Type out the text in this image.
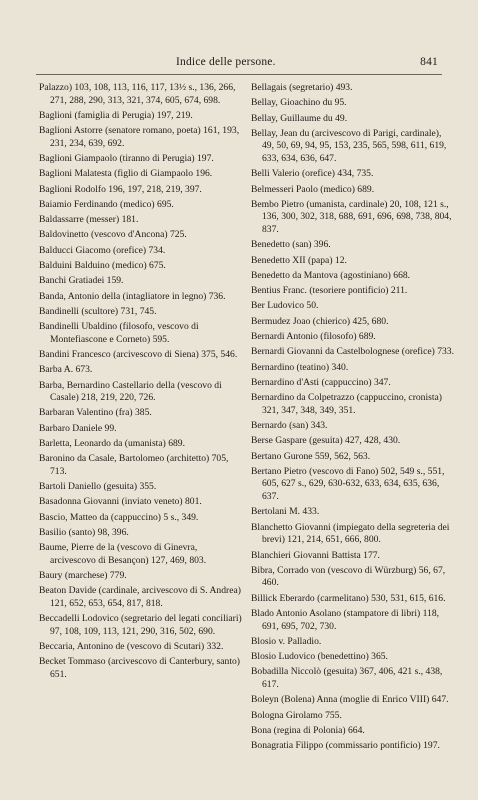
Indice delle persone.	841
Palazzo) 103, 108, 113, 116, 117, 13½ s., 136, 266, 271, 288, 290, 313, 321, 374, 605, 674, 698.
Baglioni (famiglia di Perugia) 197, 219.
Baglioni Astorre (senatore romano, poeta) 161, 193, 231, 234, 639, 692.
Baglioni Giampaolo (tiranno di Perugia) 197.
Baglioni Malatesta (figlio di Giampaolo 196.
Baglioni Rodolfo 196, 197, 218, 219, 397.
Baiamio Ferdinando (medico) 695.
Baldassarre (messer) 181.
Baldovinetto (vescovo d'Ancona) 725.
Balducci Giacomo (orefice) 734.
Balduini Balduino (medico) 675.
Banchi Gratiadei 159.
Banda, Antonio della (intagliatore in legno) 736.
Bandinelli (scultore) 731, 745.
Bandinelli Ubaldino (filosofo, vescovo di Montefiascone e Corneto) 595.
Bandini Francesco (arcivescovo di Siena) 375, 546.
Barba A. 673.
Barba, Bernardino Castellario della (vescovo di Casale) 218, 219, 220, 726.
Barbaran Valentino (fra) 385.
Barbaro Daniele 99.
Barletta, Leonardo da (umanista) 689.
Baronino da Casale, Bartolomeo (architetto) 705, 713.
Bartoli Daniello (gesuita) 355.
Basadonna Giovanni (inviato veneto) 801.
Bascio, Matteo da (cappuccino) 5 s., 349.
Basilio (santo) 98, 396.
Baume, Pierre de la (vescovo di Ginevra, arcivescovo di Besançon) 127, 469, 803.
Baury (marchese) 779.
Beaton Davide (cardinale, arcivescovo di S. Andrea) 121, 652, 653, 654, 817, 818.
Beccadelli Lodovico (segretario del legati conciliari) 97, 108, 109, 113, 121, 290, 316, 502, 690.
Beccaria, Antonino de (vescovo di Scutari) 332.
Becket Tommaso (arcivescovo di Canterbury, santo) 651.
Bellagais (segretario) 493.
Bellay, Gioachino du 95.
Bellay, Guillaume du 49.
Bellay, Jean du (arcivescovo di Parigi, cardinale), 49, 50, 69, 94, 95, 153, 235, 565, 598, 611, 619, 633, 634, 636, 647.
Belli Valerio (orefice) 434, 735.
Belmesseri Paolo (medico) 689.
Bembo Pietro (umanista, cardinale) 20, 108, 121 s., 136, 300, 302, 318, 688, 691, 696, 698, 738, 804, 837.
Benedetto (san) 396.
Benedetto XII (papa) 12.
Benedetto da Mantova (agostiniano) 668.
Bentius Franc. (tesoriere pontificio) 211.
Ber Ludovico 50.
Bermudez Joao (chierico) 425, 680.
Bernardi Antonio (filosofo) 689.
Bernardi Giovanni da Castelbolognese (orefice) 733.
Bernardino (teatino) 340.
Bernardino d'Asti (cappuccino) 347.
Bernardino da Colpetrazzo (cappuccino, cronista) 321, 347, 348, 349, 351.
Bernardo (san) 343.
Berse Gaspare (gesuita) 427, 428, 430.
Bertano Gurone 559, 562, 563.
Bertano Pietro (vescovo di Fano) 502, 549 s., 551, 605, 627 s., 629, 630-632, 633, 634, 635, 636, 637.
Bertolani M. 433.
Blanchetto Giovanni (impiegato della segreteria dei brevi) 121, 214, 651, 666, 800.
Blanchieri Giovanni Battista 177.
Bibra, Corrado von (vescovo di Würzburg) 56, 67, 460.
Billick Eberardo (carmelitano) 530, 531, 615, 616.
Blado Antonio Asolano (stampatore di libri) 118, 691, 695, 702, 730.
Blosio v. Palladio.
Blosio Ludovico (benedettino) 365.
Bobadilla Niccolò (gesuita) 367, 406, 421 s., 438, 617.
Boleyn (Bolena) Anna (moglie di Enrico VIII) 647.
Bologna Girolamo 755.
Bona (regina di Polonia) 664.
Bonagratia Filippo (commissario pontificio) 197.
